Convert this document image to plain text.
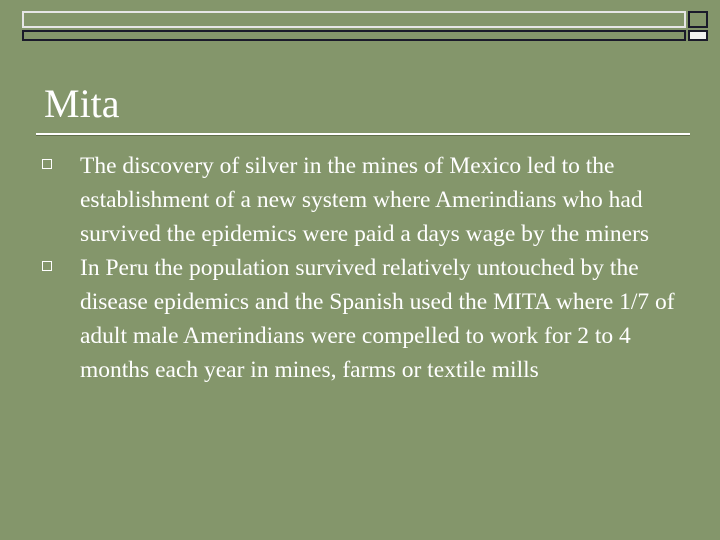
Mita
The discovery of silver in the mines of Mexico led to the establishment of a new system where Amerindians who had survived the epidemics were paid a days wage by the miners
In Peru the population survived relatively untouched by the disease epidemics and the Spanish used the MITA where 1/7 of adult male Amerindians were compelled to work for 2 to 4 months each year in mines, farms or textile mills
